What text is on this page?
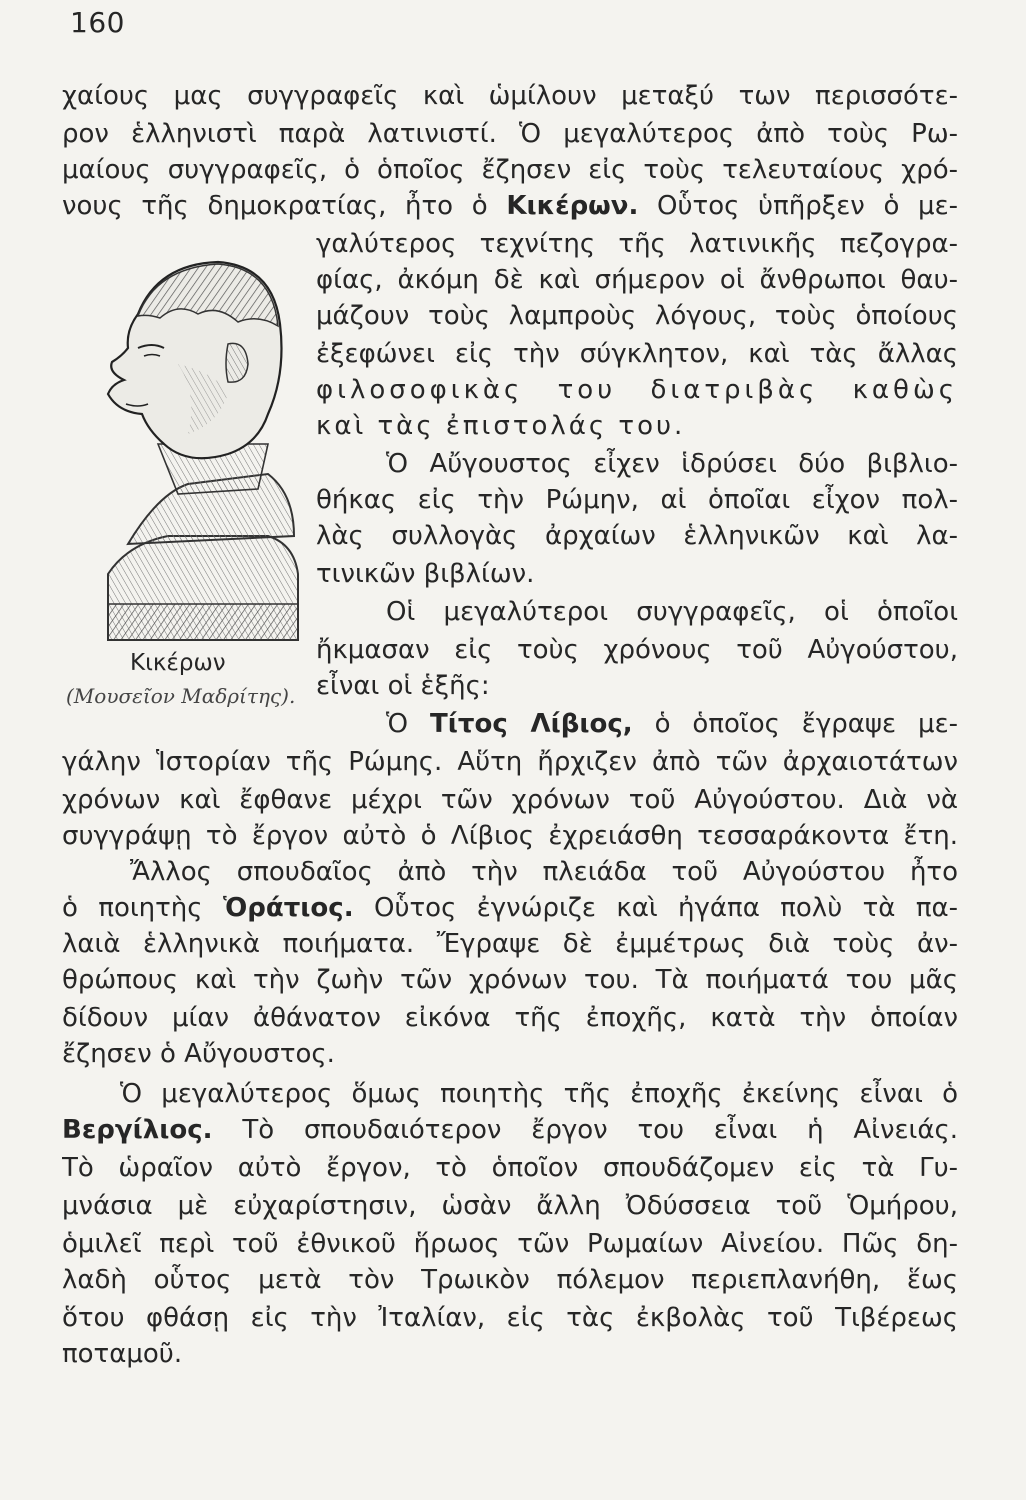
160
χαίους μας συγγραφεῖς καὶ ὡμίλουν μεταξύ των περισσότε-
ρον ἑλληνιστὶ παρὰ λατινιστί. Ὁ μεγαλύτερος ἀπὸ τοὺς Ρω-
μαίους συγγραφεῖς, ὁ ὁποῖος ἔζησεν εἰς τοὺς τελευταίους χρό-
νους τῆς δημοκρατίας, ἦτο ὁ Κικέρων. Οὗτος ὑπῆρξεν ὁ με-
γαλύτερος τεχνίτης τῆς λατινικῆς πεζογρα-
φίας, ἀκόμη δὲ καὶ σήμερον οἱ ἄνθρωποι θαυ-
μάζουν τοὺς λαμπροὺς λόγους, τοὺς ὁποίους
ἐξεφώνει εἰς τὴν σύγκλητον, καὶ τὰς ἄλλας
φιλοσοφικὰς του διατριβὰς καθὼς
καὶ τὰς ἐπιστολάς του.
Ὁ Αὔγουστος εἶχεν ἱδρύσει δύο βιβλιο-
θήκας εἰς τὴν Ρώμην, αἱ ὁποῖαι εἶχον πολ-
λὰς συλλογὰς ἀρχαίων ἑλληνικῶν καὶ λα-
τινικῶν βιβλίων.
Οἱ μεγαλύτεροι συγγραφεῖς, οἱ ὁποῖοι
ἤκμασαν εἰς τοὺς χρόνους τοῦ Αὐγούστου,
εἶναι οἱ ἑξῆς:
Ὁ Τίτος Λίβιος, ὁ ὁποῖος ἔγραψε με-
γάλην Ἱστορίαν τῆς Ρώμης. Αὕτη ἤρχιζεν ἀπὸ τῶν ἀρχαιοτάτων
χρόνων καὶ ἔφθανε μέχρι τῶν χρόνων τοῦ Αὐγούστου. Διὰ νὰ
συγγράψῃ τὸ ἔργον αὐτὸ ὁ Λίβιος ἐχρειάσθη τεσσαράκοντα ἔτη.
Ἄλλος σπουδαῖος ἀπὸ τὴν πλειάδα τοῦ Αὐγούστου ἦτο
ὁ ποιητὴς Ὁράτιος. Οὗτος ἐγνώριζε καὶ ἠγάπα πολὺ τὰ πα-
λαιὰ ἑλληνικὰ ποιήματα. Ἔγραψε δὲ ἐμμέτρως διὰ τοὺς ἀν-
θρώπους καὶ τὴν ζωὴν τῶν χρόνων του. Τὰ ποιήματά του μᾶς
δίδουν μίαν ἀθάνατον εἰκόνα τῆς ἐποχῆς, κατὰ τὴν ὁποίαν
ἔζησεν ὁ Αὔγουστος.
Ὁ μεγαλύτερος ὅμως ποιητὴς τῆς ἐποχῆς ἐκείνης εἶναι ὁ
Βεργίλιος. Τὸ σπουδαιότερον ἔργον του εἶναι ἡ Αἰνειάς.
Τὸ ὡραῖον αὐτὸ ἔργον, τὸ ὁποῖον σπουδάζομεν εἰς τὰ Γυ-
μνάσια μὲ εὐχαρίστησιν, ὡσὰν ἄλλη Ὀδύσσεια τοῦ Ὁμήρου,
ὁμιλεῖ περὶ τοῦ ἐθνικοῦ ἥρωος τῶν Ρωμαίων Αἰνείου. Πῶς δη-
λαδὴ οὗτος μετὰ τὸν Τρωικὸν πόλεμον περιεπλανήθη, ἕως
ὅτου φθάσῃ εἰς τὴν Ἰταλίαν, εἰς τὰς ἐκβολὰς τοῦ Τιβέρεως
ποταμοῦ.
Κικέρων
(Μουσεῖον Μαδρίτης).
